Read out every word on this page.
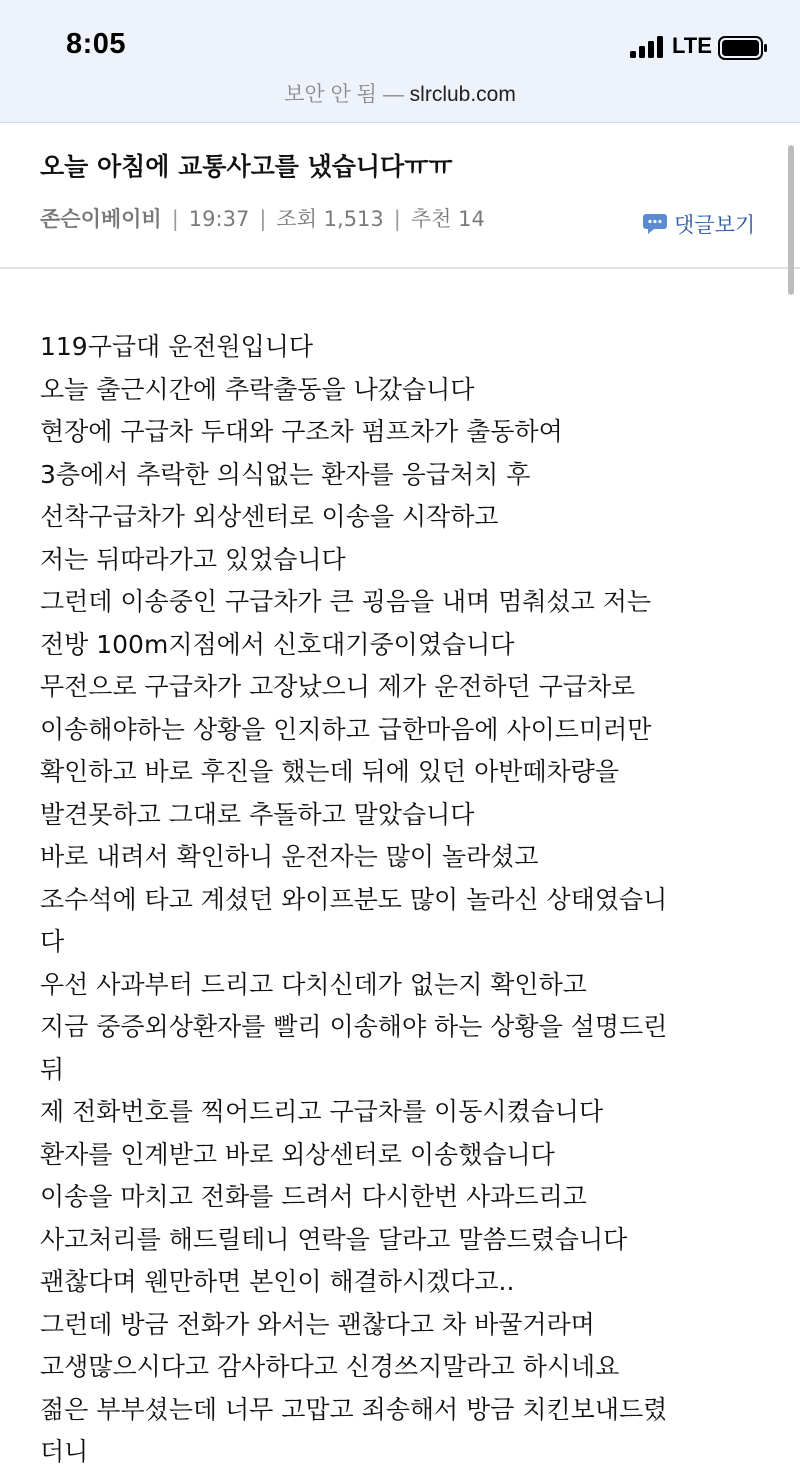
8:05	LTE
보안 안 됨 — slrclub.com
오늘 아침에 교통사고를 냈습니다ㅠㅠ
존슨이베이비 | 19:37 | 조회 1,513 | 추천 14	댓글보기
119구급대 운전원입니다
오늘 출근시간에 추락출동을 나갔습니다
현장에 구급차 두대와 구조차 펌프차가 출동하여
3층에서 추락한 의식없는 환자를 응급처치 후
선착구급차가 외상센터로 이송을 시작하고
저는 뒤따라가고 있었습니다
그런데 이송중인 구급차가 큰 굉음을 내며 멈춰섰고 저는
전방 100m지점에서 신호대기중이였습니다
무전으로 구급차가 고장났으니 제가 운전하던 구급차로
이송해야하는 상황을 인지하고 급한마음에 사이드미러만
확인하고 바로 후진을 했는데 뒤에 있던 아반떼차량을
발견못하고 그대로 추돌하고 말았습니다
바로 내려서 확인하니 운전자는 많이 놀라셨고
조수석에 타고 계셨던 와이프분도 많이 놀라신 상태였습니
다
우선 사과부터 드리고 다치신데가 없는지 확인하고
지금 중증외상환자를 빨리 이송해야 하는 상황을 설명드린
뒤
제 전화번호를 찍어드리고 구급차를 이동시켰습니다
환자를 인계받고 바로 외상센터로 이송했습니다
이송을 마치고 전화를 드려서 다시한번 사과드리고
사고처리를 해드릴테니 연락을 달라고 말씀드렸습니다
괜찮다며 웬만하면 본인이 해결하시겠다고..
그런데 방금 전화가 와서는 괜찮다고 차 바꿀거라며
고생많으시다고 감사하다고 신경쓰지말라고 하시네요
젊은 부부셨는데 너무 고맙고 죄송해서 방금 치킨보내드렸
더니
